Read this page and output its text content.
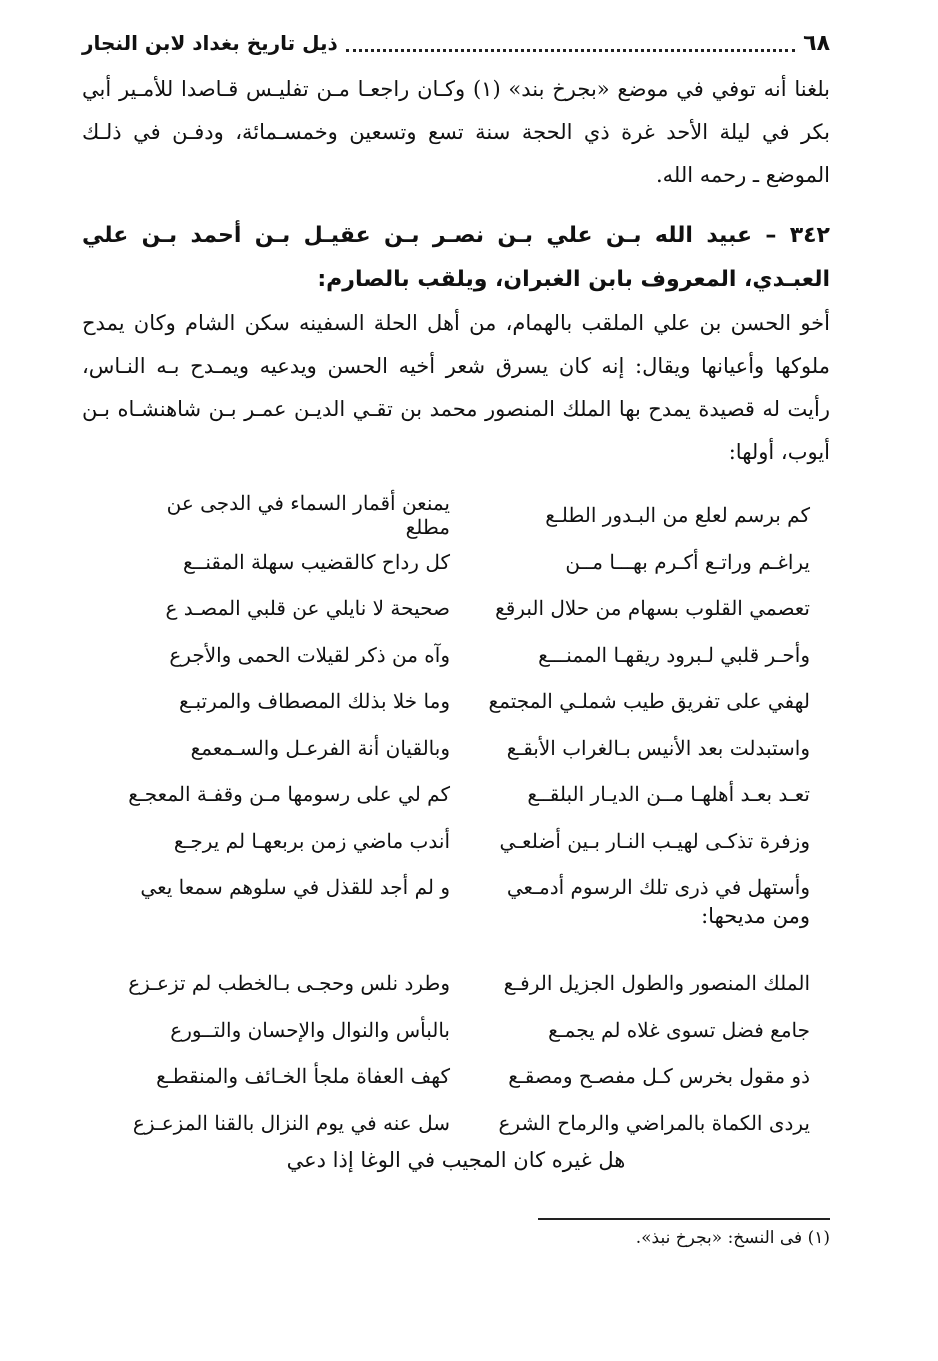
٦٨
ذيل تاريخ بغداد لابن النجار

بلغنا أنه توفي في موضع «بجرخ بند» (١) وكـان راجعـا مـن تفليـس قـاصدا للأمـير أبي بكر في ليلة الأحد غرة ذي الحجة سنة تسع وتسعين وخمسـمائة، ودفـن في ذلـك الموضع ـ رحمه الله.

٣٤٢ – عبيد الله بـن علي بـن نصـر بـن عقيـل بـن أحمد بـن علي العبـدي، المعروف بابن الغبران، ويلقب بالصارم:

أخو الحسن بن علي الملقب بالهمام، من أهل الحلة السفينه سكن الشام وكان يمدح ملوكها وأعيانها ويقال: إنه كان يسرق شعر أخيه الحسن ويدعيه ويمـدح بـه النـاس، رأيت له قصيدة يمدح بها الملك المنصور محمد بن تقـي الديـن عمـر بـن شاهنشـاه بـن أيوب، أولها:

كم برسم لعلع من البـدور الطلـع
يمنعن أقمار السماء في الدجى عن مطلع
يراغـم وراتـع أكـرم بهـــا مــن
كل رداح كالقضيب سهلة المقنــع
تعصمي القلوب بسهام من حلال البرقع
صحيحة لا نايلي عن قلبي المصـد ع
وأحـر قلبي لـبرود ريقهـا الممنـــع
وآه من ذكر لقيلات الحمى والأجرع
لهفي على تفريق طيب شملـي المجتمع
وما خلا بذلك المصطاف والمرتبـع
واستبدلت بعد الأنيس بـالغراب الأبقـع
وبالقيان أنة الفرعـل والسـمعمع
تعـد بعـد أهلهـا مــن الديـار البلقــع
كم لي على رسومها مـن وقفـة المعجـع
وزفرة تذكـى لهيـب النـار بـين أضلعـي
أندب ماضي زمن بربعهـا لم يرجـع
وأستهل في ذرى تلك الرسوم أدمـعي
و لم أجد للقذل في سلوهم سمعا يعي
ومن مديحها:
الملك المنصور والطول الجزيل الرفـع
وطرد نلس وحجـى بـالخطب لم تزعـزع
جامع فضل تسوى غلاه لم يجمـع
بالبأس والنوال والإحسان والتــورع
ذو مقول بخرس كـل مفصـح ومصقـع
كهف العفاة ملجأ الخـائف والمنقطـع
يردى الكماة بالمراضي والرماح الشرع
سل عنه في يوم النزال بالقنا المزعـزع
هل غيره كان المجيب في الوغا إذا دعي
(١) فى النسخ: «بجرخ نبذ».
